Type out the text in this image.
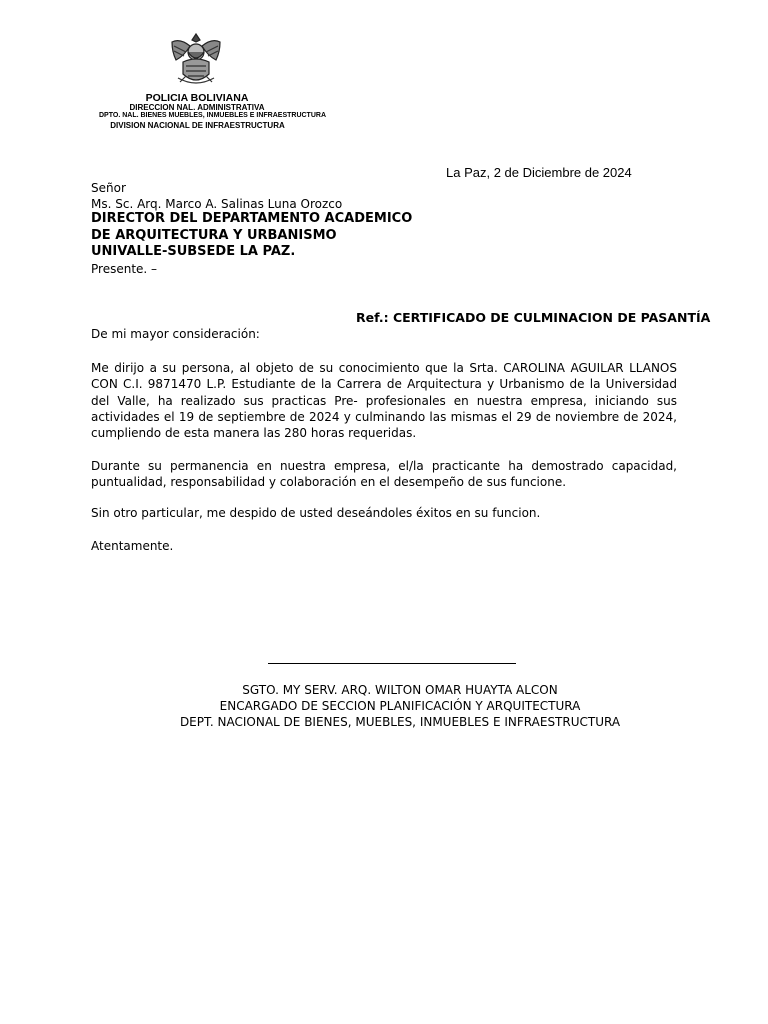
POLICIA BOLIVIANA
DIRECCION NAL. ADMINISTRATIVA
DPTO. NAL. BIENES MUEBLES, INMUEBLES E INFRAESTRUCTURA
DIVISION NACIONAL DE INFRAESTRUCTURA
La Paz, 2 de Diciembre de 2024
Señor
Ms. Sc. Arq. Marco A. Salinas Luna Orozco
DIRECTOR DEL DEPARTAMENTO ACADEMICO
DE ARQUITECTURA Y URBANISMO
UNIVALLE-SUBSEDE LA PAZ.
Presente. –
Ref.: CERTIFICADO DE CULMINACION DE PASANTÍA
De mi mayor consideración:
Me dirijo a su persona, al objeto de su conocimiento que la Srta. CAROLINA AGUILAR LLANOS CON C.I. 9871470 L.P. Estudiante de la Carrera de Arquitectura y Urbanismo de la Universidad del Valle, ha realizado sus practicas Pre- profesionales en nuestra empresa, iniciando sus actividades el 19 de septiembre de 2024 y culminando las mismas el 29 de noviembre de 2024, cumpliendo de esta manera las 280 horas requeridas.
Durante su permanencia en nuestra empresa, el/la practicante ha demostrado capacidad, puntualidad, responsabilidad y colaboración en el desempeño de sus funcione.
Sin otro particular, me despido de usted deseándoles éxitos en su funcion.
Atentamente.
SGTO. MY SERV. ARQ. WILTON OMAR HUAYTA ALCON
ENCARGADO DE SECCION PLANIFICACIÓN Y ARQUITECTURA
DEPT. NACIONAL DE BIENES, MUEBLES, INMUEBLES E INFRAESTRUCTURA
